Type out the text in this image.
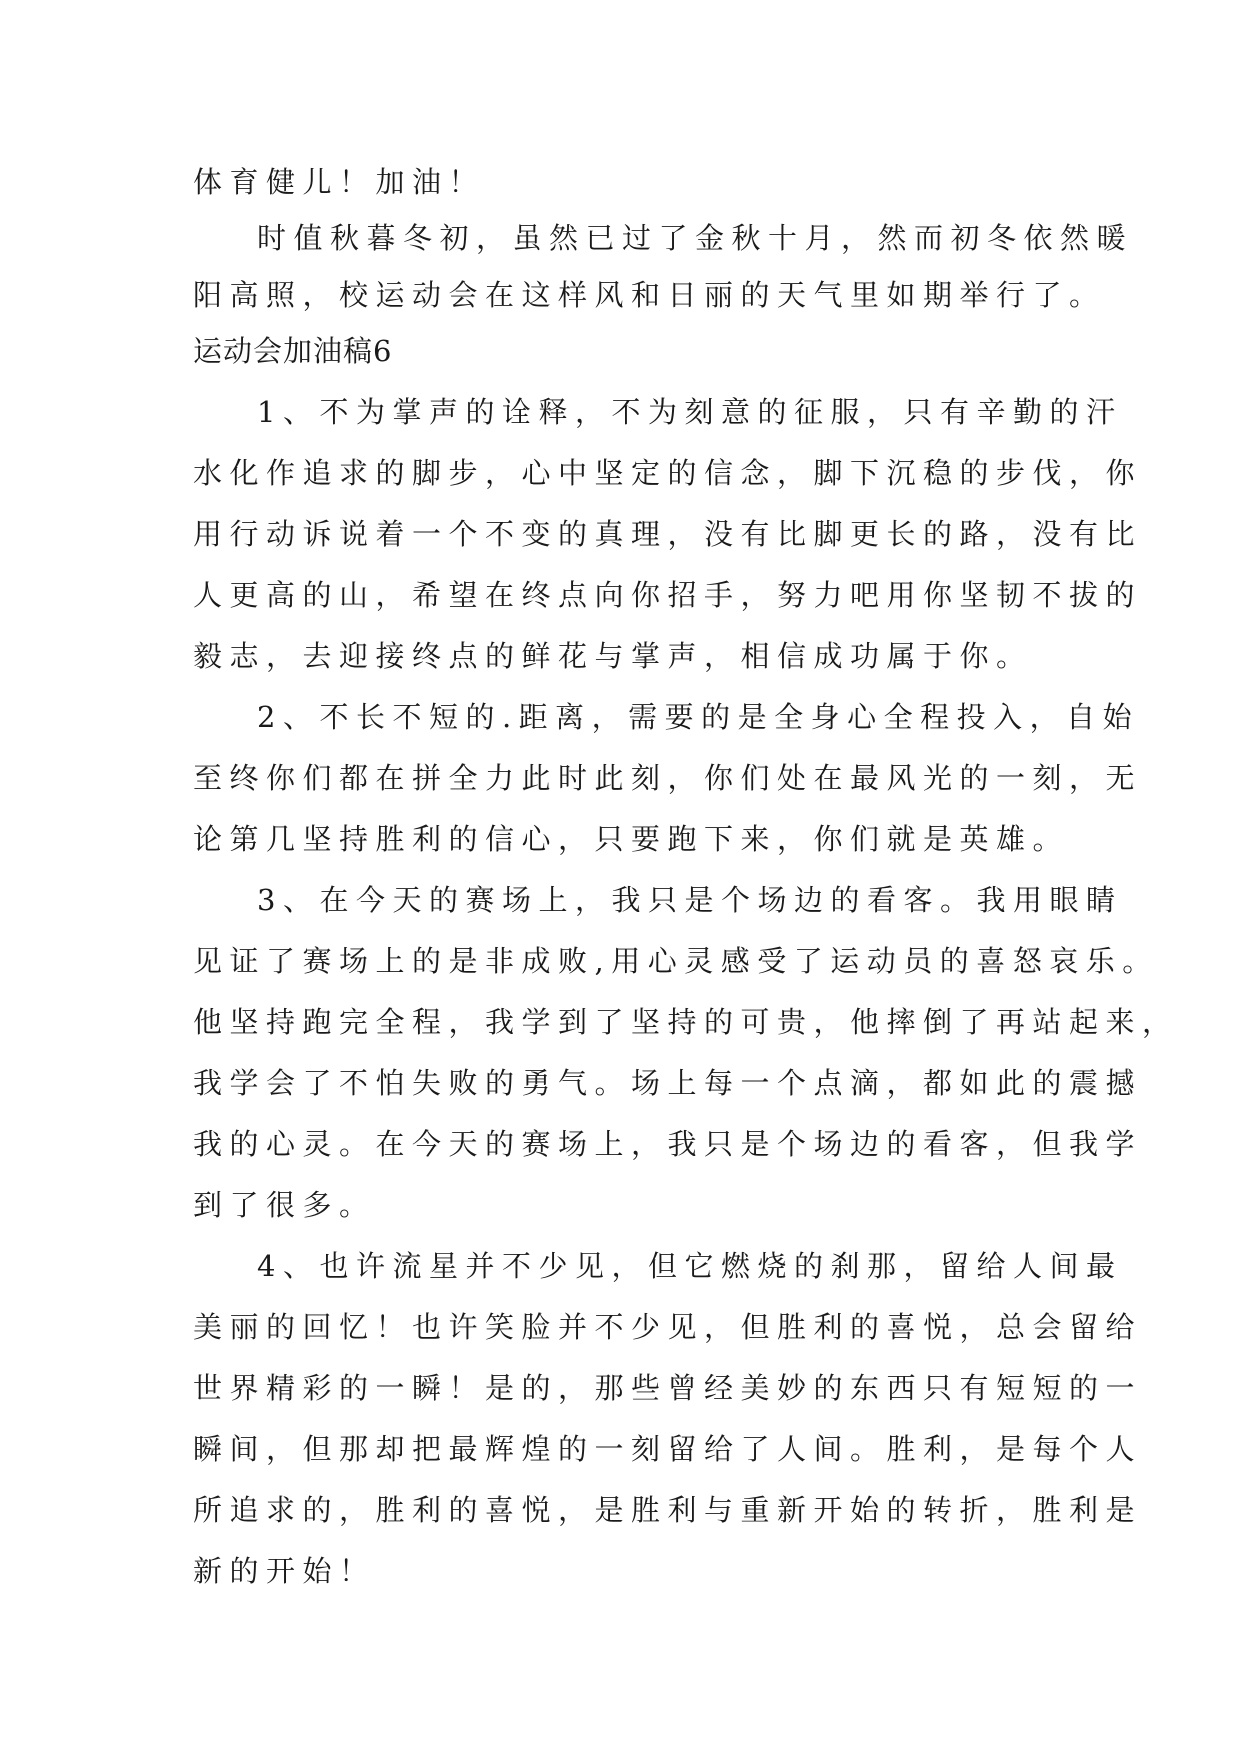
体育健儿！加油！
时值秋暮冬初，虽然已过了金秋十月，然而初冬依然暖
阳高照，校运动会在这样风和日丽的天气里如期举行了。
运动会加油稿6
1、不为掌声的诠释，不为刻意的征服，只有辛勤的汗
水化作追求的脚步，心中坚定的信念，脚下沉稳的步伐，你
用行动诉说着一个不变的真理，没有比脚更长的路，没有比
人更高的山，希望在终点向你招手，努力吧用你坚韧不拔的
毅志，去迎接终点的鲜花与掌声，相信成功属于你。
2、不长不短的.距离，需要的是全身心全程投入，自始
至终你们都在拼全力此时此刻，你们处在最风光的一刻，无
论第几坚持胜利的信心，只要跑下来，你们就是英雄。
3、在今天的赛场上，我只是个场边的看客。我用眼睛
见证了赛场上的是非成败,用心灵感受了运动员的喜怒哀乐。
他坚持跑完全程，我学到了坚持的可贵，他摔倒了再站起来，
我学会了不怕失败的勇气。场上每一个点滴，都如此的震撼
我的心灵。在今天的赛场上，我只是个场边的看客，但我学
到了很多。
4、也许流星并不少见，但它燃烧的刹那，留给人间最
美丽的回忆！也许笑脸并不少见，但胜利的喜悦，总会留给
世界精彩的一瞬！是的，那些曾经美妙的东西只有短短的一
瞬间，但那却把最辉煌的一刻留给了人间。胜利，是每个人
所追求的，胜利的喜悦，是胜利与重新开始的转折，胜利是
新的开始！
